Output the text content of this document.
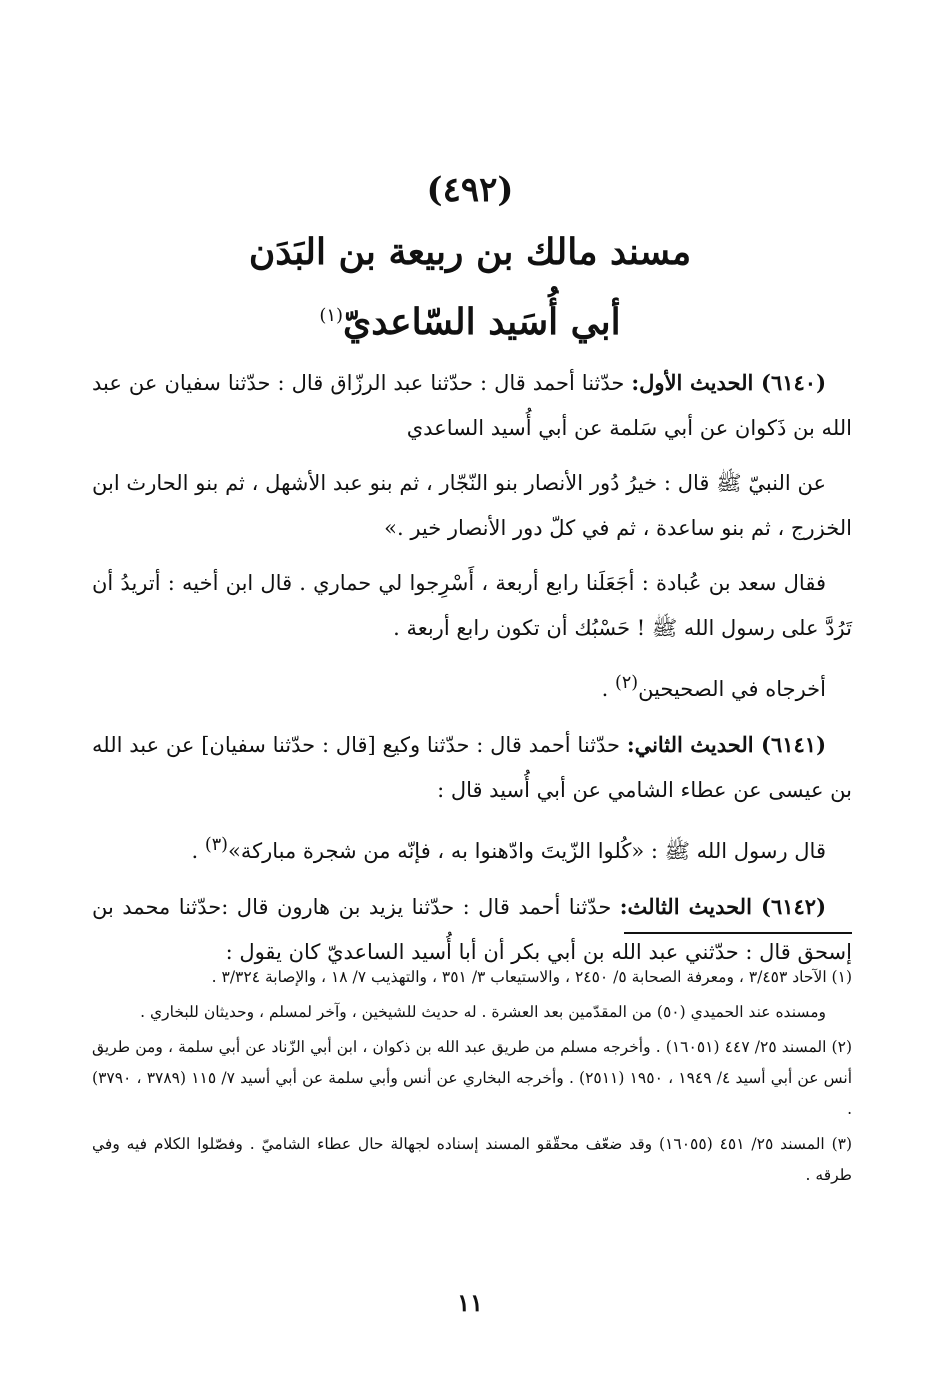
(٤٩٢)
مسند مالك بن ربيعة بن البَدَن
أبي أُسَيد السّاعديّ$^{(١)}$

(٦١٤٠) الحديث الأول: حدّثنا أحمد قال : حدّثنا عبد الرزّاق قال : حدّثنا سفيان عن عبد الله بن ذَكوان عن أبي سَلمة عن أبي أُسيد الساعدي

عن النبيّ ﷺ قال : خيرُ دُور الأنصار بنو النّجّار ، ثم بنو عبد الأشهل ، ثم بنو الحارث ابن الخزرج ، ثم بنو ساعدة ، ثم في كلّ دور الأنصار خير .»

فقال سعد بن عُبادة : أجَعَلَنا رابع أربعة ، أَسْرِجوا لي حماري . قال ابن أخيه : أتريدُ أن تَرُدَّ على رسول الله ﷺ ! حَسْبُك أن تكون رابع أربعة .

أخرجاه في الصحيحين$^{(٢)}$ .

(٦١٤١) الحديث الثاني: حدّثنا أحمد قال : حدّثنا وكيع [قال : حدّثنا سفيان] عن عبد الله بن عيسى عن عطاء الشامي عن أبي أُسيد قال :

قال رسول الله ﷺ : «كُلوا الزّيتَ وادّهنوا به ، فإنّه من شجرة مباركة»$^{(٣)}$ .

(٦١٤٢) الحديث الثالث: حدّثنا أحمد قال : حدّثنا يزيد بن هارون قال :حدّثنا محمد بن إسحق قال : حدّثني عبد الله بن أبي بكر أن أبا أُسيد الساعديّ كان يقول :

(١) الآحاد ٣/٤٥٣ ، ومعرفة الصحابة ٥/ ٢٤٥٠ ، والاستيعاب ٣/ ٣٥١ ، والتهذيب ٧/ ١٨ ، والإصابة ٣/٣٢٤ .

ومسنده عند الحميدي (٥٠) من المقدّمين بعد العشرة . له حديث للشيخين ، وآخر لمسلم ، وحديثان للبخاري .

(٢) المسند ٢٥/ ٤٤٧ (١٦٠٥١) . وأخرجه مسلم من طريق عبد الله بن ذكوان ، ابن أبي الزّناد عن أبي سلمة ، ومن طريق أنس عن أبي أسيد ٤/ ١٩٤٩ ، ١٩٥٠ (٢٥١١) . وأخرجه البخاري عن أنس وأبي سلمة عن أبي أسيد ٧/ ١١٥ (٣٧٨٩ ، ٣٧٩٠) .

(٣) المسند ٢٥/ ٤٥١ (١٦٠٥٥) وقد ضعّف محقّقو المسند إسناده لجهالة حال عطاء الشاميّ . وفصّلوا الكلام فيه وفي طرقه .

١١
